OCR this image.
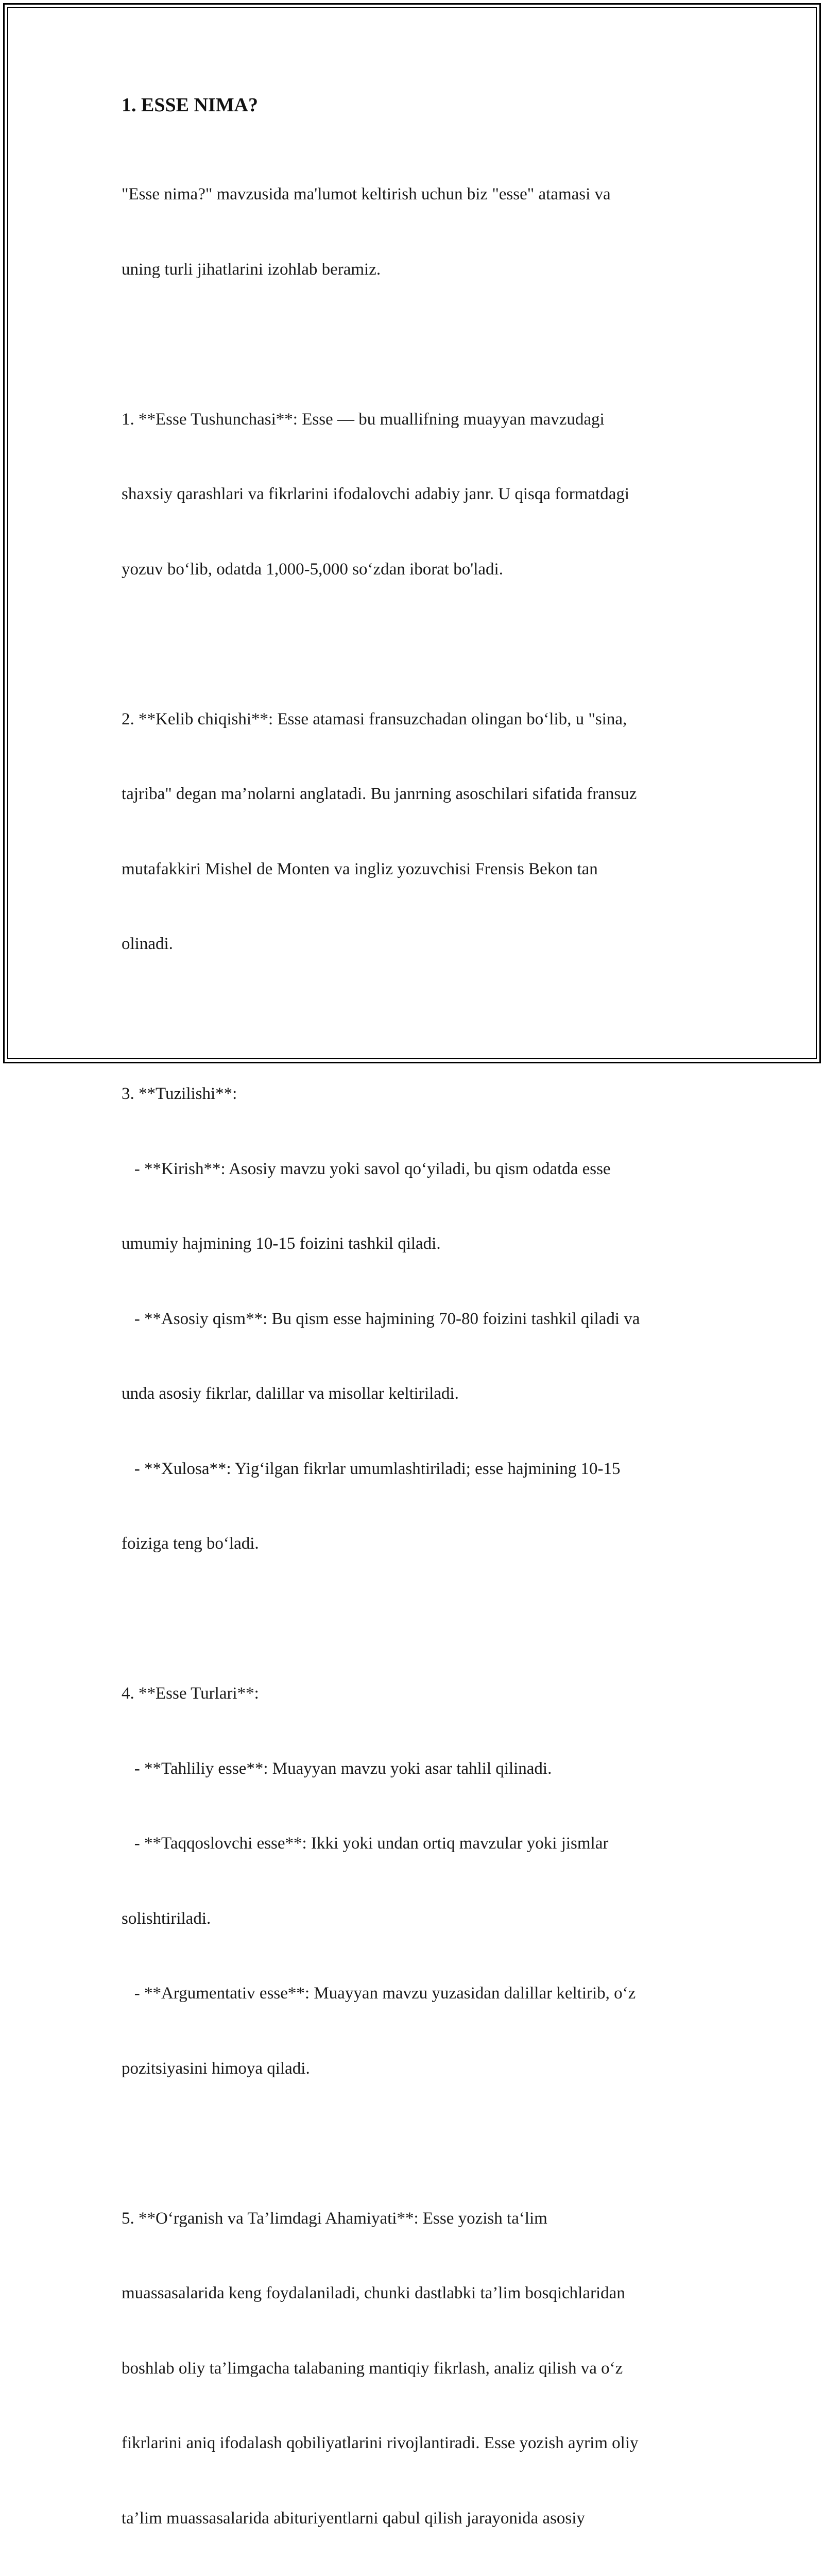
1. ESSE NIMA?

"Esse nima?" mavzusida ma'lumot keltirish uchun biz "esse" atamasi va

uning turli jihatlarini izohlab beramiz.

1. **Esse Tushunchasi**: Esse — bu muallifning muayyan mavzudagi

shaxsiy qarashlari va fikrlarini ifodalovchi adabiy janr. U qisqa formatdagi

yozuv bo‘lib, odatda 1,000-5,000 so‘zdan iborat bo'ladi.

2. **Kelib chiqishi**: Esse atamasi fransuzchadan olingan bo‘lib, u "sina,

tajriba" degan ma’nolarni anglatadi. Bu janrning asoschilari sifatida fransuz

mutafakkiri Mishel de Monten va ingliz yozuvchisi Frensis Bekon tan

olinadi.

3. **Tuzilishi**:

- **Kirish**: Asosiy mavzu yoki savol qo‘yiladi, bu qism odatda esse

umumiy hajmining 10-15 foizini tashkil qiladi.

- **Asosiy qism**: Bu qism esse hajmining 70-80 foizini tashkil qiladi va

unda asosiy fikrlar, dalillar va misollar keltiriladi.

- **Xulosa**: Yig‘ilgan fikrlar umumlashtiriladi; esse hajmining 10-15

foiziga teng bo‘ladi.

4. **Esse Turlari**:

- **Tahliliy esse**: Muayyan mavzu yoki asar tahlil qilinadi.

- **Taqqoslovchi esse**: Ikki yoki undan ortiq mavzular yoki jismlar

solishtiriladi.

- **Argumentativ esse**: Muayyan mavzu yuzasidan dalillar keltirib, o‘z

pozitsiyasini himoya qiladi.

5. **O‘rganish va Ta’limdagi Ahamiyati**: Esse yozish ta‘lim

muassasalarida keng foydalaniladi, chunki dastlabki ta’lim bosqichlaridan

boshlab oliy ta’limgacha talabaning mantiqiy fikrlash, analiz qilish va o‘z

fikrlarini aniq ifodalash qobiliyatlarini rivojlantiradi. Esse yozish ayrim oliy

ta’lim muassasalarida abituriyentlarni qabul qilish jarayonida asosiy
